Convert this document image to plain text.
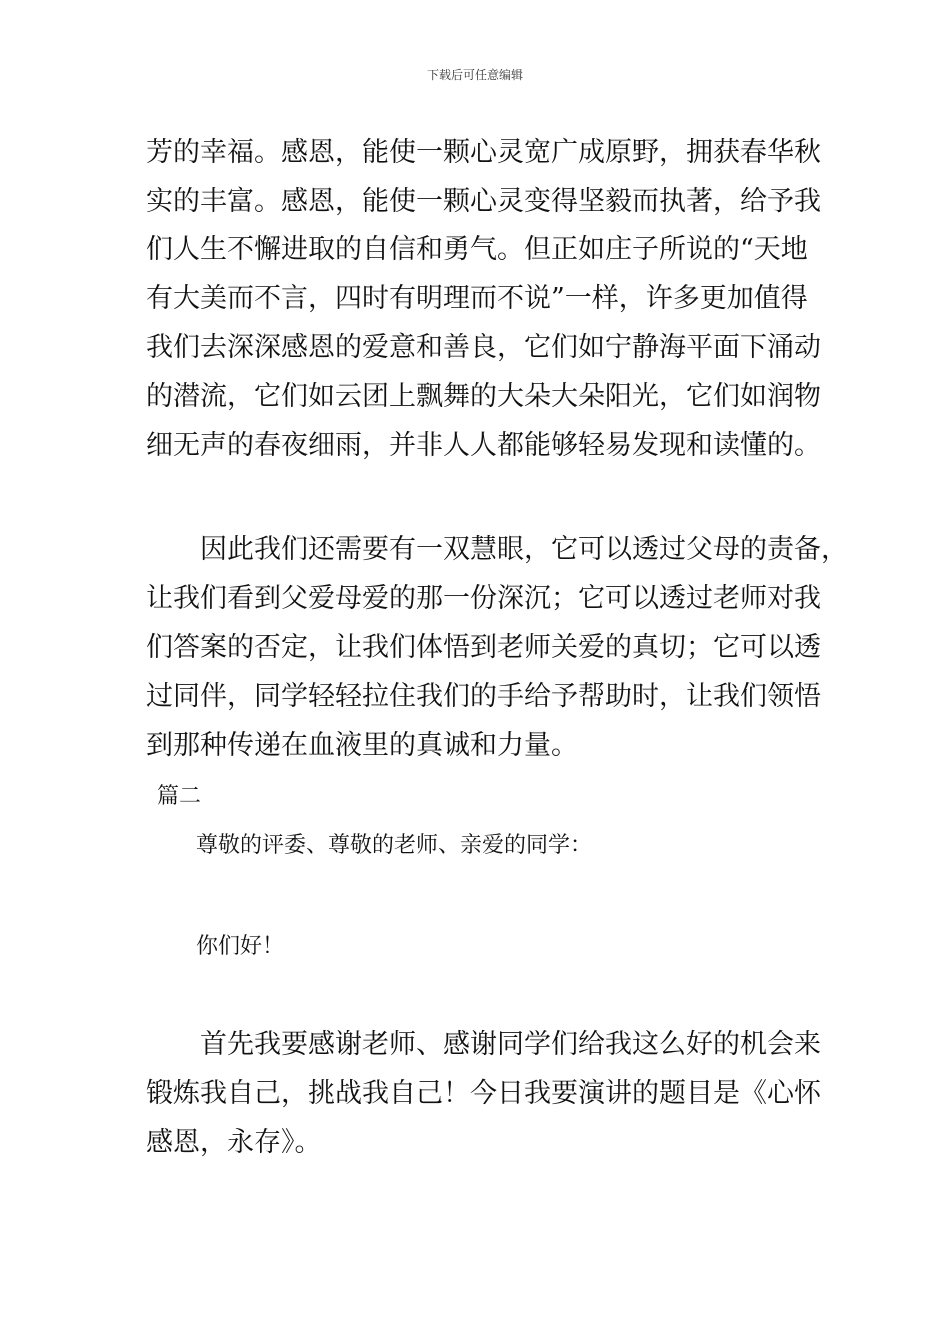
下载后可任意编辑
芳的幸福。感恩，能使一颗心灵宽广成原野，拥获春华秋
实的丰富。感恩，能使一颗心灵变得坚毅而执著，给予我
们人生不懈进取的自信和勇气。但正如庄子所说的“天地
有大美而不言，四时有明理而不说”一样，许多更加值得
我们去深深感恩的爱意和善良，它们如宁静海平面下涌动
的潜流，它们如云团上飘舞的大朵大朵阳光，它们如润物
细无声的春夜细雨，并非人人都能够轻易发现和读懂的。
因此我们还需要有一双慧眼，它可以透过父母的责备，
让我们看到父爱母爱的那一份深沉；它可以透过老师对我
们答案的否定，让我们体悟到老师关爱的真切；它可以透
过同伴，同学轻轻拉住我们的手给予帮助时，让我们领悟
到那种传递在血液里的真诚和力量。
篇二
尊敬的评委、尊敬的老师、亲爱的同学：
你们好！
首先我要感谢老师、感谢同学们给我这么好的机会来
锻炼我自己，挑战我自己！今日我要演讲的题目是《心怀
感恩，永存》。
